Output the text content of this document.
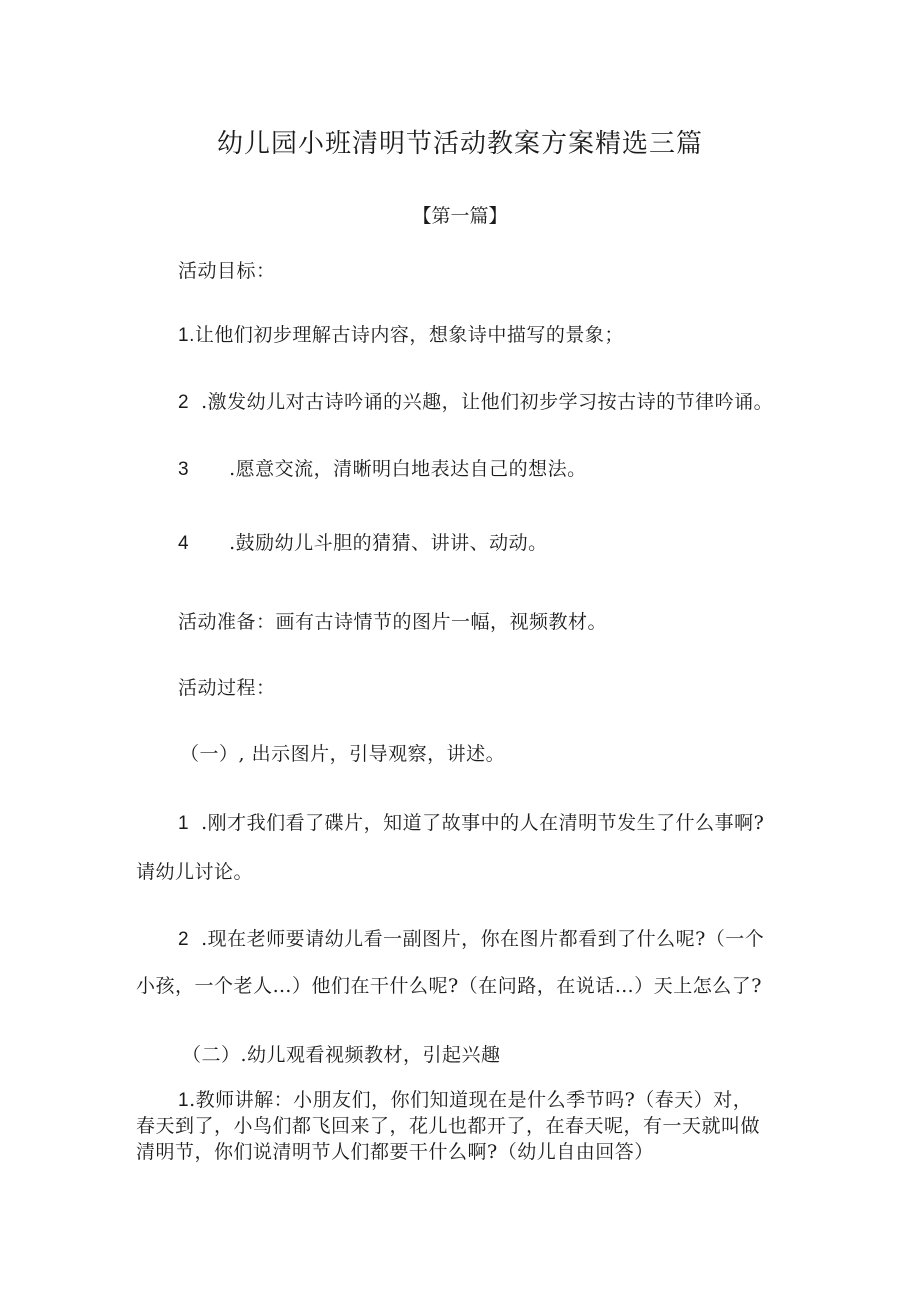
幼儿园小班清明节活动教案方案精选三篇
【第一篇】
活动目标：
1.让他们初步理解古诗内容，想象诗中描写的景象；
2 .激发幼儿对古诗吟诵的兴趣，让他们初步学习按古诗的节律吟诵。
3 .愿意交流，清晰明白地表达自己的想法。
4 .鼓励幼儿斗胆的猜猜、讲讲、动动。
活动准备：画有古诗情节的图片一幅，视频教材。
活动过程：
（一）, 出示图片，引导观察，讲述。
1 .刚才我们看了碟片，知道了故事中的人在清明节发生了什么事啊?
请幼儿讨论。
2 .现在老师要请幼儿看一副图片，你在图片都看到了什么呢?（一个
小孩，一个老人…）他们在干什么呢?（在问路，在说话…）天上怎么了?
（二）.幼儿观看视频教材，引起兴趣
1.教师讲解：小朋友们，你们知道现在是什么季节吗?（春天）对，
春天到了，小鸟们都飞回来了，花儿也都开了，在春天呢，有一天就叫做
清明节，你们说清明节人们都要干什么啊?（幼儿自由回答）
